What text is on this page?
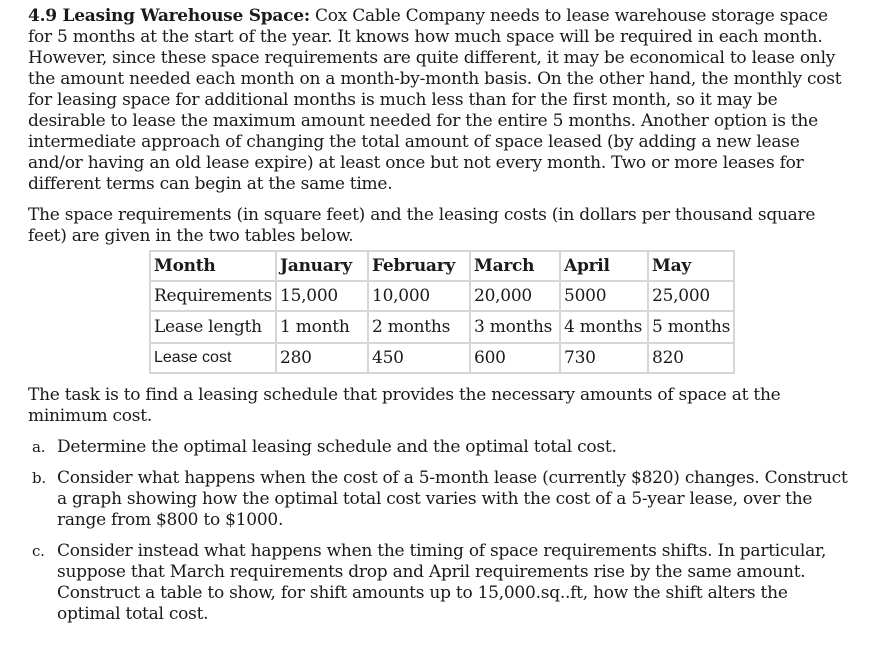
4.9 Leasing Warehouse Space: Cox Cable Company needs to lease warehouse storage space for 5 months at the start of the year. It knows how much space will be required in each month. However, since these space requirements are quite different, it may be economical to lease only the amount needed each month on a month-by-month basis. On the other hand, the monthly cost for leasing space for additional months is much less than for the first month, so it may be desirable to lease the maximum amount needed for the entire 5 months. Another option is the intermediate approach of changing the total amount of space leased (by adding a new lease and/or having an old lease expire) at least once but not every month. Two or more leases for different terms can begin at the same time.

The space requirements (in square feet) and the leasing costs (in dollars per thousand square feet) are given in the two tables below.

Month	January	February	March	April	May
Requirements	15,000	10,000	20,000	5000	25,000
Lease length	1 month	2 months	3 months	4 months	5 months
Lease cost	280	450	600	730	820

The task is to find a leasing schedule that provides the necessary amounts of space at the minimum cost.

a. Determine the optimal leasing schedule and the optimal total cost.
b. Consider what happens when the cost of a 5-month lease (currently $820) changes. Construct a graph showing how the optimal total cost varies with the cost of a 5-year lease, over the range from $800 to $1000.
c. Consider instead what happens when the timing of space requirements shifts. In particular, suppose that March requirements drop and April requirements rise by the same amount. Construct a table to show, for shift amounts up to 15,000.sq..ft, how the shift alters the optimal total cost.
